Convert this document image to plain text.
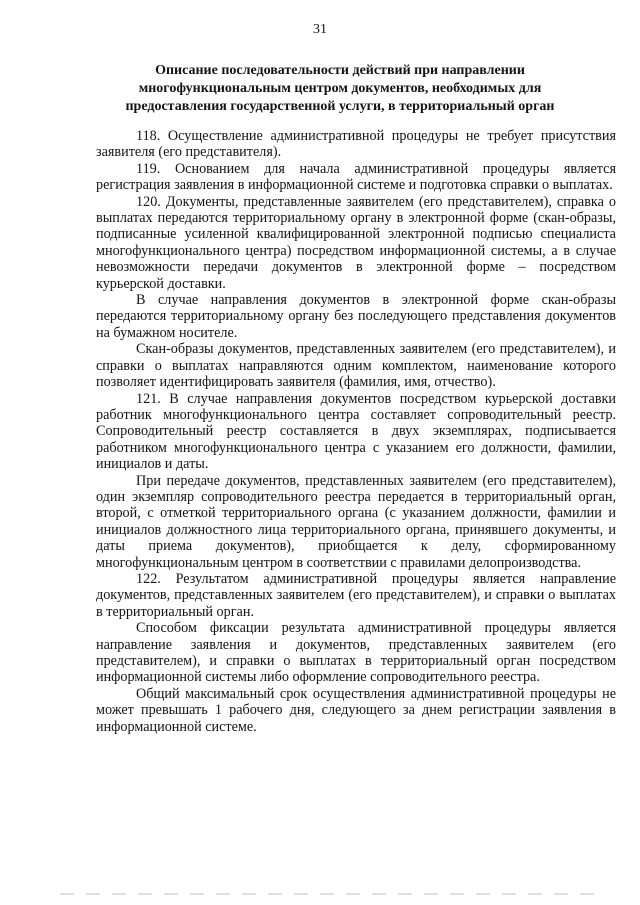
31
Описание последовательности действий при направлении
многофункциональным центром документов, необходимых для
предоставления государственной услуги, в территориальный орган

118. Осуществление административной процедуры не требует присутствия заявителя (его представителя).

119. Основанием для начала административной процедуры является регистрация заявления в информационной системе и подготовка справки о выплатах.

120. Документы, представленные заявителем (его представителем), справка о выплатах передаются территориальному органу в электронной форме (скан-образы, подписанные усиленной квалифицированной электронной подписью специалиста многофункционального центра) посредством информационной системы, а в случае невозможности передачи документов в электронной форме – посредством курьерской доставки.

В случае направления документов в электронной форме скан-образы передаются территориальному органу без последующего представления документов на бумажном носителе.

Скан-образы документов, представленных заявителем (его представителем), и справки о выплатах направляются одним комплектом, наименование которого позволяет идентифицировать заявителя (фамилия, имя, отчество).

121. В случае направления документов посредством курьерской доставки работник многофункционального центра составляет сопроводительный реестр. Сопроводительный реестр составляется в двух экземплярах, подписывается работником многофункционального центра с указанием его должности, фамилии, инициалов и даты.

При передаче документов, представленных заявителем (его представителем), один экземпляр сопроводительного реестра передается в территориальный орган, второй, с отметкой территориального органа (с указанием должности, фамилии и инициалов должностного лица территориального органа, принявшего документы, и даты приема документов), приобщается к делу, сформированному многофункциональным центром в соответствии с правилами делопроизводства.

122. Результатом административной процедуры является направление документов, представленных заявителем (его представителем), и справки о выплатах в территориальный орган.

Способом фиксации результата административной процедуры является направление заявления и документов, представленных заявителем (его представителем), и справки о выплатах в территориальный орган посредством информационной системы либо оформление сопроводительного реестра.

Общий максимальный срок осуществления административной процедуры не может превышать 1 рабочего дня, следующего за днем регистрации заявления в информационной системе.
